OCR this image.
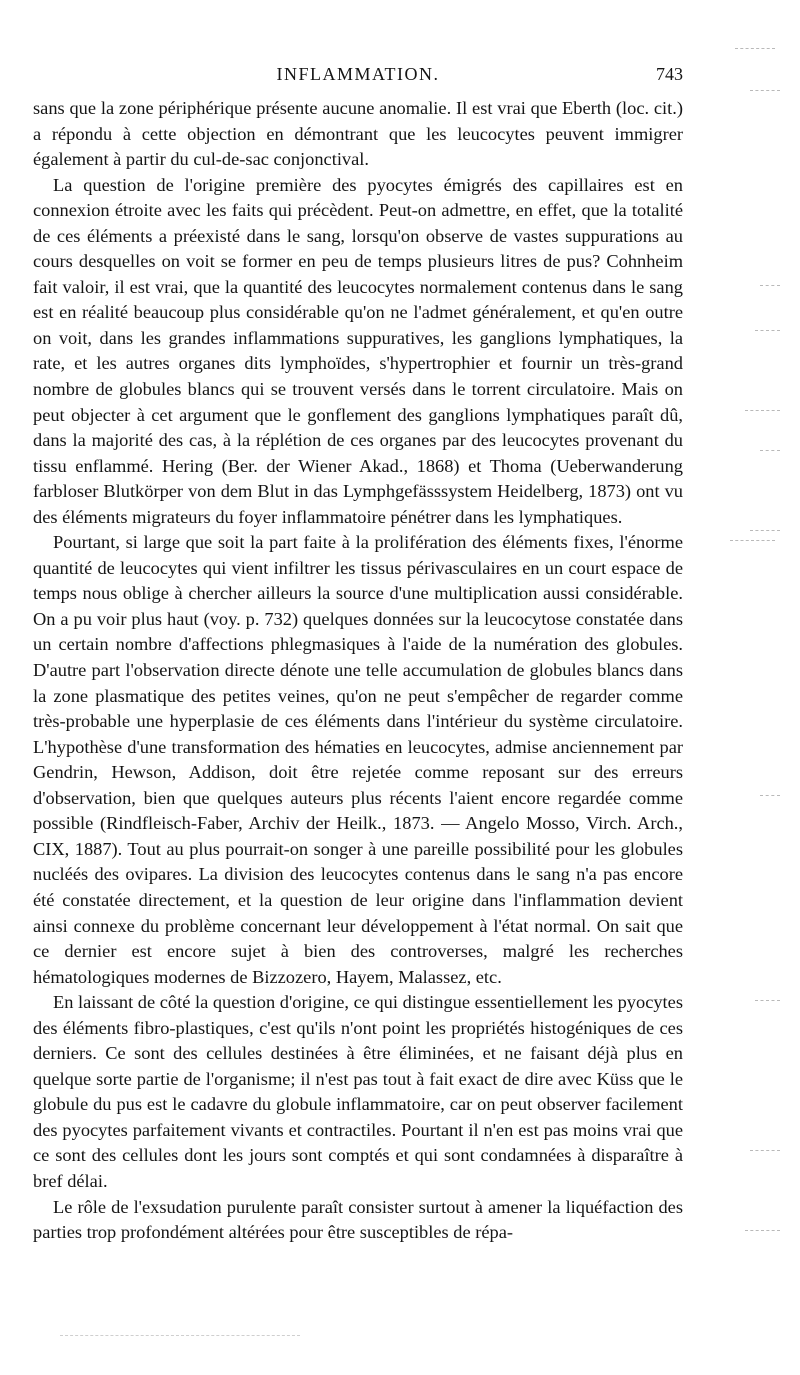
INFLAMMATION.	743

sans que la zone périphérique présente aucune anomalie. Il est vrai que Eberth (loc. cit.) a répondu à cette objection en démontrant que les leucocytes peuvent immigrer également à partir du cul-de-sac conjonctival.

La question de l'origine première des pyocytes émigrés des capillaires est en connexion étroite avec les faits qui précèdent. Peut-on admettre, en effet, que la totalité de ces éléments a préexisté dans le sang, lorsqu'on observe de vastes suppurations au cours desquelles on voit se former en peu de temps plusieurs litres de pus? Cohnheim fait valoir, il est vrai, que la quantité des leucocytes normalement contenus dans le sang est en réalité beaucoup plus considérable qu'on ne l'admet généralement, et qu'en outre on voit, dans les grandes inflammations suppuratives, les ganglions lymphatiques, la rate, et les autres organes dits lymphoïdes, s'hypertrophier et fournir un très-grand nombre de globules blancs qui se trouvent versés dans le torrent circulatoire. Mais on peut objecter à cet argument que le gonflement des ganglions lymphatiques paraît dû, dans la majorité des cas, à la réplétion de ces organes par des leucocytes provenant du tissu enflammé. Hering (Ber. der Wiener Akad., 1868) et Thoma (Ueberwanderung farbloser Blutkörper von dem Blut in das Lymphgefässsystem Heidelberg, 1873) ont vu des éléments migrateurs du foyer inflammatoire pénétrer dans les lymphatiques.

Pourtant, si large que soit la part faite à la prolifération des éléments fixes, l'énorme quantité de leucocytes qui vient infiltrer les tissus périvasculaires en un court espace de temps nous oblige à chercher ailleurs la source d'une multiplication aussi considérable. On a pu voir plus haut (voy. p. 732) quelques données sur la leucocytose constatée dans un certain nombre d'affections phlegmasiques à l'aide de la numération des globules. D'autre part l'observation directe dénote une telle accumulation de globules blancs dans la zone plasmatique des petites veines, qu'on ne peut s'empêcher de regarder comme très-probable une hyperplasie de ces éléments dans l'intérieur du système circulatoire. L'hypothèse d'une transformation des hématies en leucocytes, admise anciennement par Gendrin, Hewson, Addison, doit être rejetée comme reposant sur des erreurs d'observation, bien que quelques auteurs plus récents l'aient encore regardée comme possible (Rindfleisch-Faber, Archiv der Heilk., 1873. — Angelo Mosso, Virch. Arch., CIX, 1887). Tout au plus pourrait-on songer à une pareille possibilité pour les globules nucléés des ovipares. La division des leucocytes contenus dans le sang n'a pas encore été constatée directement, et la question de leur origine dans l'inflammation devient ainsi connexe du problème concernant leur développement à l'état normal. On sait que ce dernier est encore sujet à bien des controverses, malgré les recherches hématologiques modernes de Bizzozero, Hayem, Malassez, etc.

En laissant de côté la question d'origine, ce qui distingue essentiellement les pyocytes des éléments fibro-plastiques, c'est qu'ils n'ont point les propriétés histogéniques de ces derniers. Ce sont des cellules destinées à être éliminées, et ne faisant déjà plus en quelque sorte partie de l'organisme; il n'est pas tout à fait exact de dire avec Küss que le globule du pus est le cadavre du globule inflammatoire, car on peut observer facilement des pyocytes parfaitement vivants et contractiles. Pourtant il n'en est pas moins vrai que ce sont des cellules dont les jours sont comptés et qui sont condamnées à disparaître à bref délai.

Le rôle de l'exsudation purulente paraît consister surtout à amener la liquéfaction des parties trop profondément altérées pour être susceptibles de répa-
